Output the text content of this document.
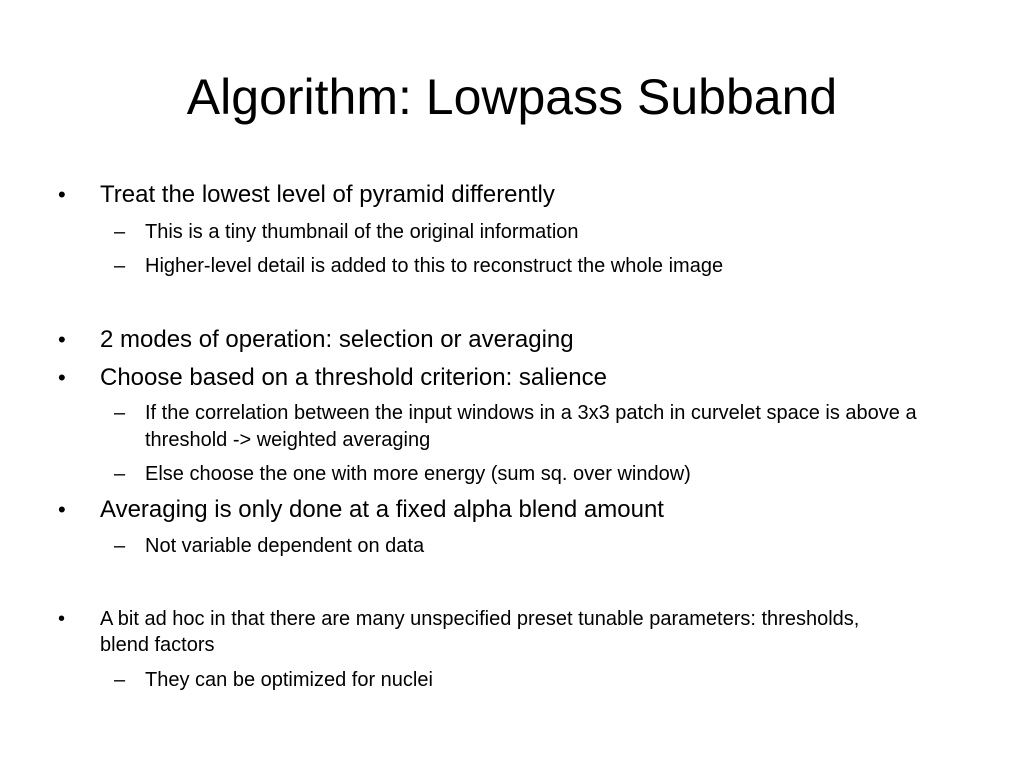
Algorithm: Lowpass Subband
• Treat the lowest level of pyramid differently
– This is a tiny thumbnail of the original information
– Higher-level detail is added to this to reconstruct the whole image
• 2 modes of operation: selection or averaging
• Choose based on a threshold criterion: salience
– If the correlation between the input windows in a 3x3 patch in curvelet space is above a threshold -> weighted averaging
– Else choose the one with more energy (sum sq. over window)
• Averaging is only done at a fixed alpha blend amount
– Not variable dependent on data
• A bit ad hoc in that there are many unspecified preset tunable parameters: thresholds, blend factors
– They can be optimized for nuclei
